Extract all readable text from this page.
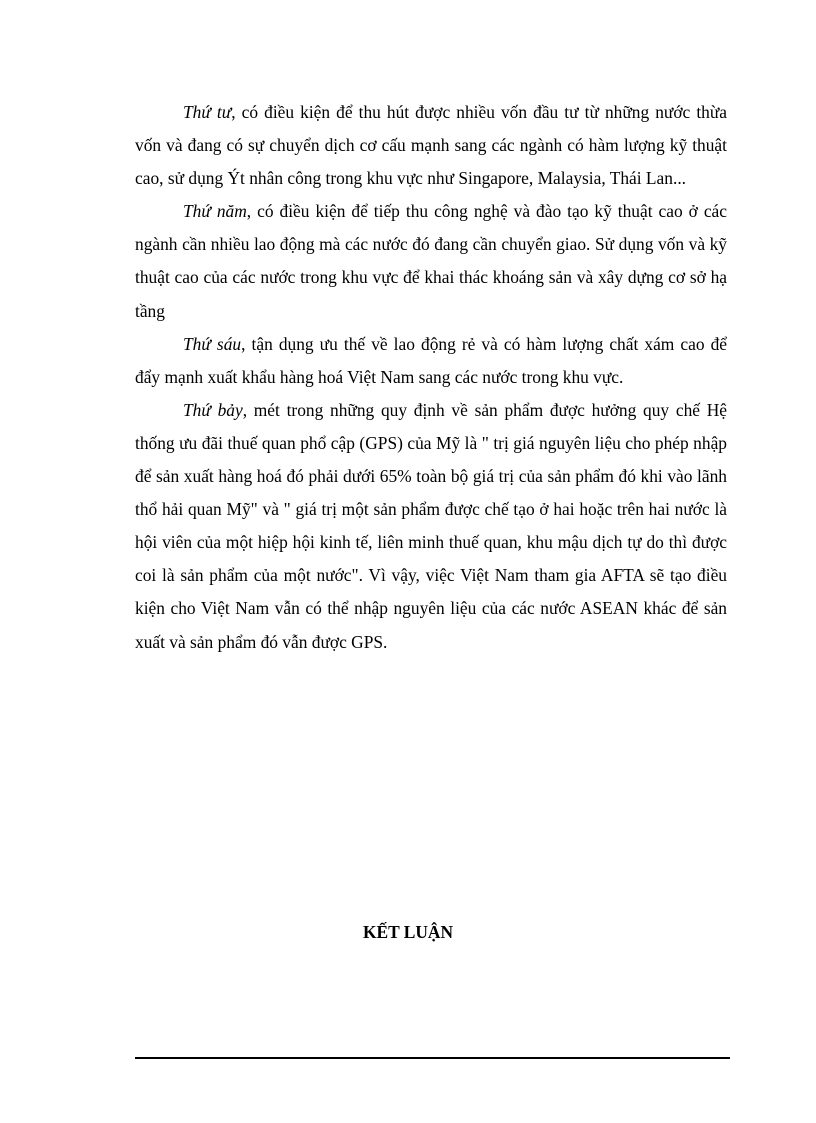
Thứ tư, có điều kiện để thu hút được nhiều vốn đầu tư từ những nước thừa vốn và đang có sự chuyển dịch cơ cấu mạnh sang các ngành có hàm lượng kỹ thuật cao, sử dụng Ýt nhân công trong khu vực như Singapore, Malaysia, Thái Lan...

Thứ năm, có điều kiện để tiếp thu công nghệ và đào tạo kỹ thuật cao ở các ngành cần nhiều lao động mà các nước đó đang cần chuyển giao. Sử dụng vốn và kỹ thuật cao của các nước trong khu vực để khai thác khoáng sản và xây dựng cơ sở hạ tầng

Thứ sáu, tận dụng ưu thế về lao động rẻ và có hàm lượng chất xám cao để đẩy mạnh xuất khẩu hàng hoá Việt Nam sang các nước trong khu vực.

Thứ bảy, mét trong những quy định về sản phẩm được hưởng quy chế Hệ thống ưu đãi thuế quan phổ cập (GPS) của Mỹ là " trị giá nguyên liệu cho phép nhập để sản xuất hàng hoá đó phải dưới 65% toàn bộ giá trị của sản phẩm đó khi vào lãnh thổ hải quan Mỹ" và " giá trị một sản phẩm được chế tạo ở hai hoặc trên hai nước là hội viên của một hiệp hội kinh tế, liên minh thuế quan, khu mậu dịch tự do thì được coi là sản phẩm của một nước". Vì vậy, việc Việt Nam tham gia AFTA sẽ tạo điều kiện cho Việt Nam vẫn có thể nhập nguyên liệu của các nước ASEAN khác để sản xuất và sản phẩm đó vẫn được GPS.

KẾT LUẬN
